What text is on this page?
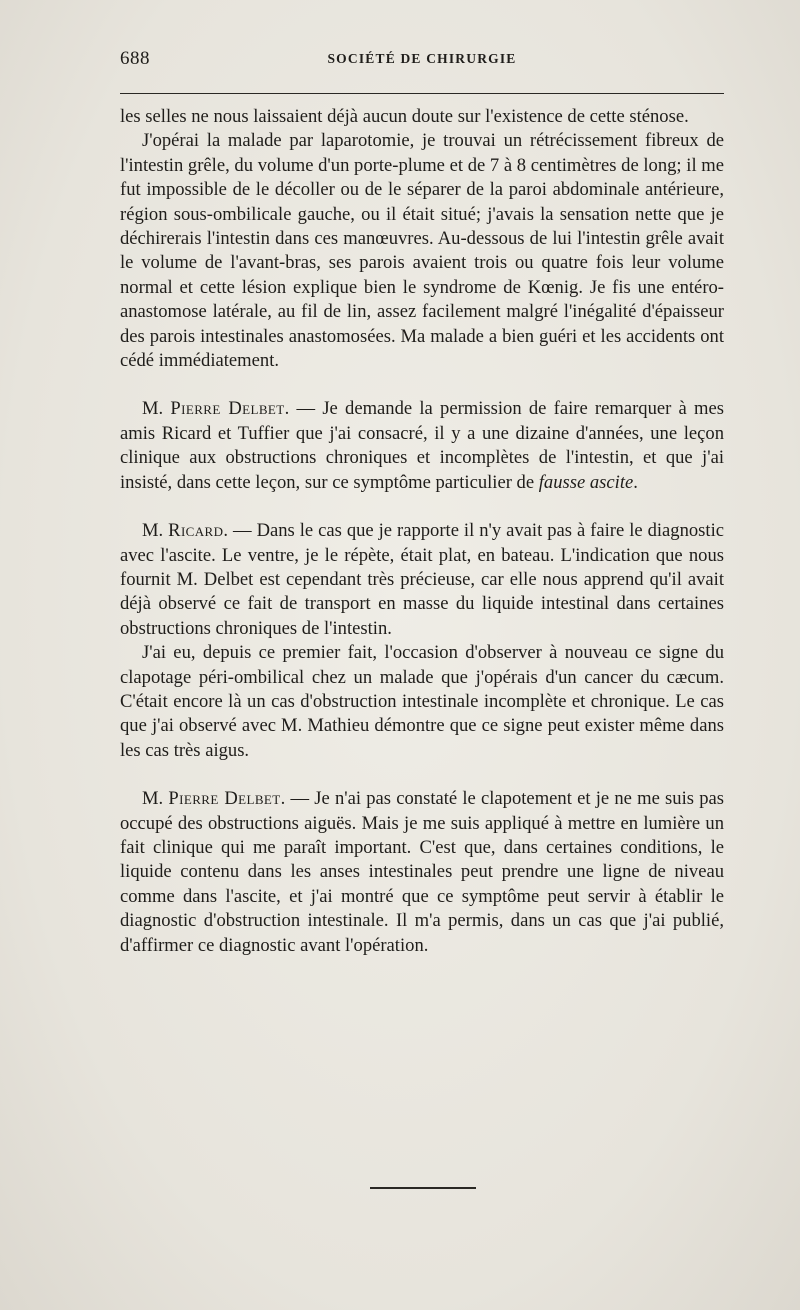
688	SOCIÉTÉ DE CHIRURGIE

les selles ne nous laissaient déjà aucun doute sur l'existence de cette sténose.

J'opérai la malade par laparotomie, je trouvai un rétrécissement fibreux de l'intestin grêle, du volume d'un porte-plume et de 7 à 8 centimètres de long; il me fut impossible de le décoller ou de le séparer de la paroi abdominale antérieure, région sous-ombilicale gauche, ou il était situé; j'avais la sensation nette que je déchirerais l'intestin dans ces manœuvres. Au-dessous de lui l'intestin grêle avait le volume de l'avant-bras, ses parois avaient trois ou quatre fois leur volume normal et cette lésion explique bien le syndrome de Kœnig. Je fis une entéro-anastomose latérale, au fil de lin, assez facilement malgré l'inégalité d'épaisseur des parois intestinales anastomosées. Ma malade a bien guéri et les accidents ont cédé immédiatement.

M. Pierre Delbet. — Je demande la permission de faire remarquer à mes amis Ricard et Tuffier que j'ai consacré, il y a une dizaine d'années, une leçon clinique aux obstructions chroniques et incomplètes de l'intestin, et que j'ai insisté, dans cette leçon, sur ce symptôme particulier de fausse ascite.

M. Ricard. — Dans le cas que je rapporte il n'y avait pas à faire le diagnostic avec l'ascite. Le ventre, je le répète, était plat, en bateau. L'indication que nous fournit M. Delbet est cependant très précieuse, car elle nous apprend qu'il avait déjà observé ce fait de transport en masse du liquide intestinal dans certaines obstructions chroniques de l'intestin.

J'ai eu, depuis ce premier fait, l'occasion d'observer à nouveau ce signe du clapotage péri-ombilical chez un malade que j'opérais d'un cancer du cæcum. C'était encore là un cas d'obstruction intestinale incomplète et chronique. Le cas que j'ai observé avec M. Mathieu démontre que ce signe peut exister même dans les cas très aigus.

M. Pierre Delbet. — Je n'ai pas constaté le clapotement et je ne me suis pas occupé des obstructions aiguës. Mais je me suis appliqué à mettre en lumière un fait clinique qui me paraît important. C'est que, dans certaines conditions, le liquide contenu dans les anses intestinales peut prendre une ligne de niveau comme dans l'ascite, et j'ai montré que ce symptôme peut servir à établir le diagnostic d'obstruction intestinale. Il m'a permis, dans un cas que j'ai publié, d'affirmer ce diagnostic avant l'opération.
